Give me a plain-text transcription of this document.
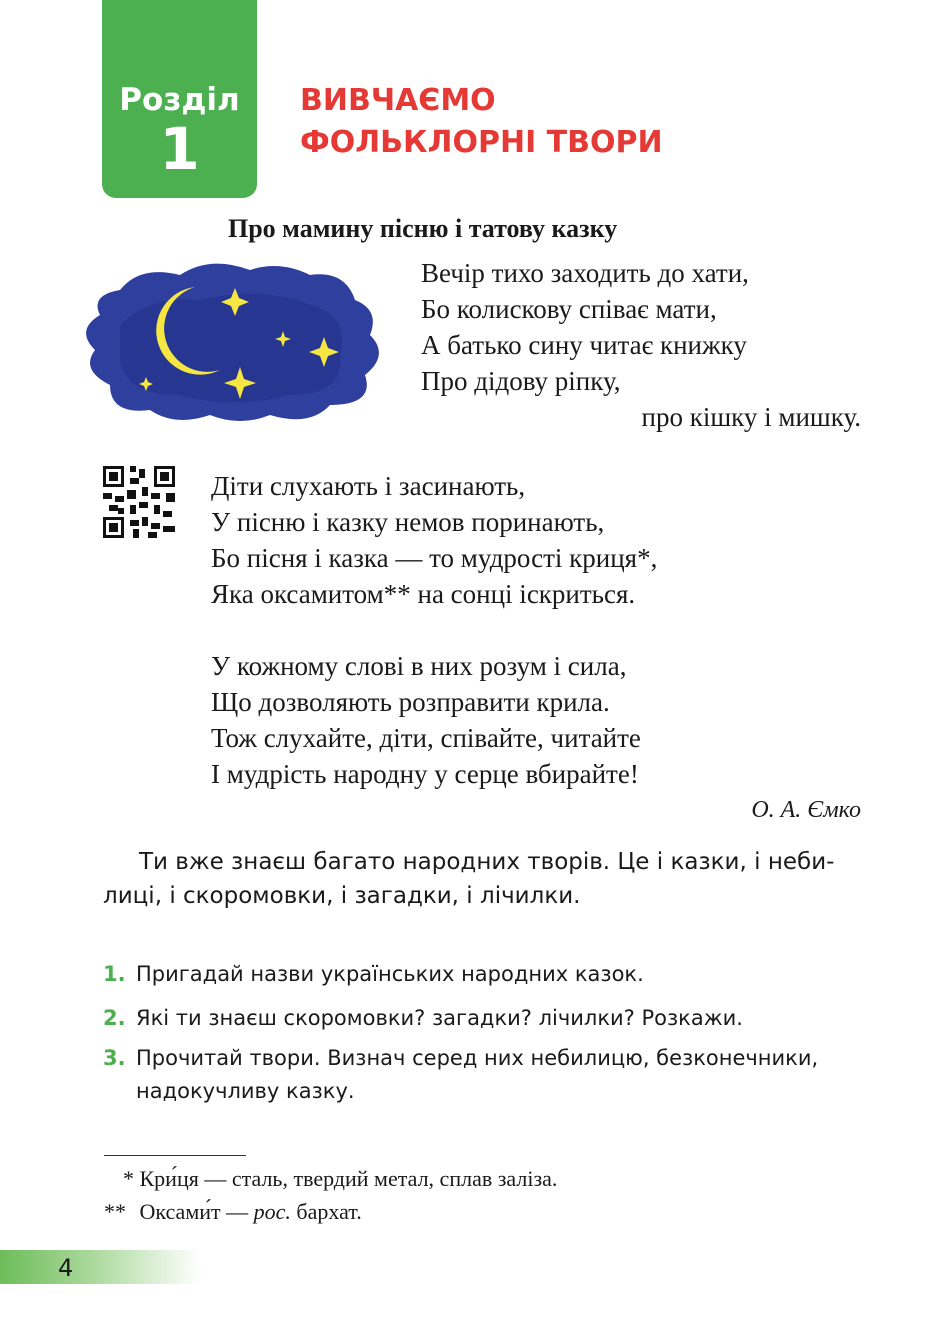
Розділ
1
ВИВЧАЄМО
ФОЛЬКЛОРНІ ТВОРИ
Про мамину пісню і татову казку
Вечір тихо заходить до хати,
Бо колискову співає мати,
А батько сину читає книжку
Про дідову ріпку,
про кішку і мишку.
Діти слухають і засинають,
У пісню і казку немов поринають,
Бо пісня і казка — то мудрості криця*,
Яка оксамитом** на сонці іскриться.
У кожному слові в них розум і сила,
Що дозволяють розправити крила.
Тож слухайте, діти, співайте, читайте
І мудрість народну у серце вбирайте!
О. А. Ємко
Ти вже знаєш багато народних творів. Це і казки, і неби-
лиці, і скоромовки, і загадки, і лічилки.
1. Пригадай назви українських народних казок.
2. Які ти знаєш скоромовки? загадки? лічилки? Розкажи.
3. Прочитай твори. Визнач серед них небилицю, безконечники,
надокучливу казку.
* Кри́ця — сталь, твердий метал, сплав заліза.
** Оксами́т — рос. бархат.
4
